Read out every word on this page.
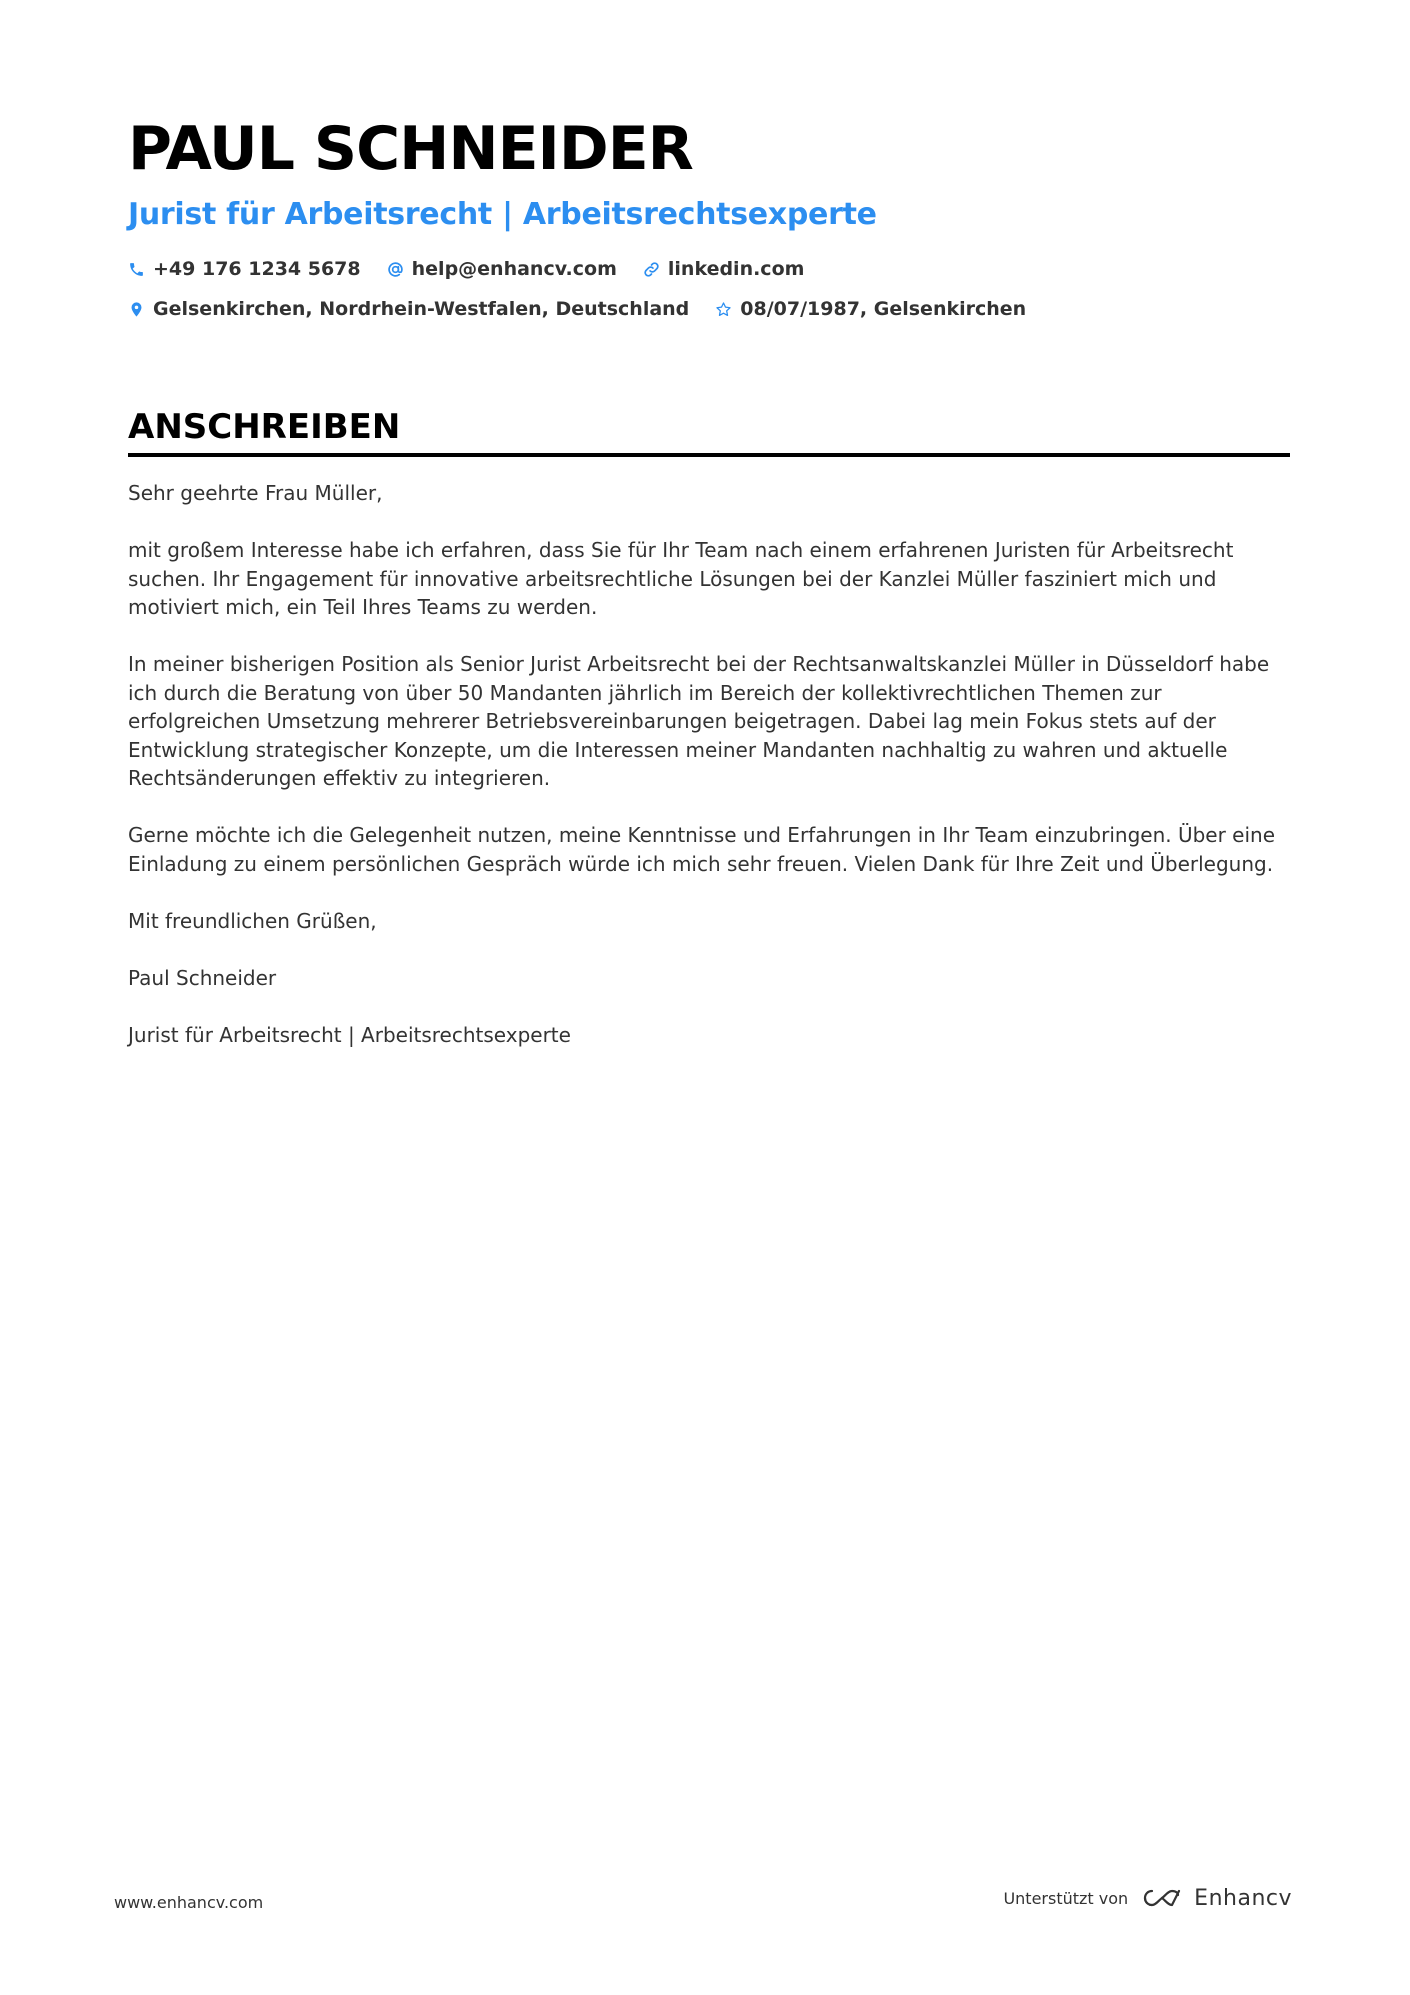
PAUL SCHNEIDER
Jurist für Arbeitsrecht | Arbeitsrechtsexperte
+49 176 1234 5678	help@enhancv.com	linkedin.com
Gelsenkirchen, Nordrhein-Westfalen, Deutschland	08/07/1987, Gelsenkirchen
ANSCHREIBEN

Sehr geehrte Frau Müller,

mit großem Interesse habe ich erfahren, dass Sie für Ihr Team nach einem erfahrenen Juristen für Arbeitsrecht suchen. Ihr Engagement für innovative arbeitsrechtliche Lösungen bei der Kanzlei Müller fasziniert mich und motiviert mich, ein Teil Ihres Teams zu werden.

In meiner bisherigen Position als Senior Jurist Arbeitsrecht bei der Rechtsanwaltskanzlei Müller in Düsseldorf habe ich durch die Beratung von über 50 Mandanten jährlich im Bereich der kollektivrechtlichen Themen zur erfolgreichen Umsetzung mehrerer Betriebsvereinbarungen beigetragen. Dabei lag mein Fokus stets auf der Entwicklung strategischer Konzepte, um die Interessen meiner Mandanten nachhaltig zu wahren und aktuelle Rechtsänderungen effektiv zu integrieren.

Gerne möchte ich die Gelegenheit nutzen, meine Kenntnisse und Erfahrungen in Ihr Team einzubringen. Über eine Einladung zu einem persönlichen Gespräch würde ich mich sehr freuen. Vielen Dank für Ihre Zeit und Überlegung.

Mit freundlichen Grüßen,

Paul Schneider

Jurist für Arbeitsrecht | Arbeitsrechtsexperte

www.enhancv.com	Unterstützt von	Enhancv
